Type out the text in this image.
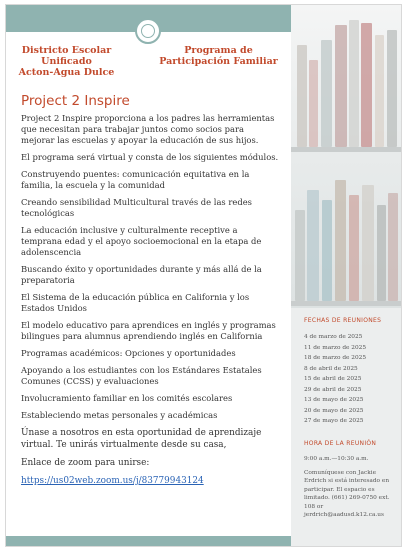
Districto Escolar
Unificado
Acton-Agua Dulce
Programa de
Participación Familiar
Project 2 Inspire

Project 2 Inspire proporciona a los padres las herramientas que necesitan para trabajar juntos como socios para mejorar las escuelas y apoyar la educación de sus hijos.

El programa será virtual y consta de los siguientes módulos.

Construyendo puentes: comunicación equitativa en la familia, la escuela y la comunidad

Creando sensibilidad Multicultural través de las redes tecnológicas

La educación inclusive y culturalmente receptive a temprana edad y el apoyo socioemocional en la etapa de adolenscencia

Buscando éxito y oportunidades durante y más allá de la preparatoria

El Sistema de la educación pública en California y los Estados Unidos

El modelo educativo para aprendices en inglés y programas bilingues para alumnus aprendiendo inglés en California

Programas académicos: Opciones y oportunidades

Apoyando a los estudiantes con los Estándares Estatales Comunes (CCSS) y evaluaciones

Involucramiento familiar en los comités escolares

Estableciendo metas personales y académicas

Únase a nosotros en esta oportunidad de aprendizaje virtual. Te unirás virtualmente desde su casa,

Enlace de zoom para unirse:

https://us02web.zoom.us/j/83779943124

FECHAS DE REUNIONES
4 de marzo de 2025
11 de marzo de 2025
18 de marzo de 2025
8 de abril de 2025
15 de abril de 2025
29 de abril de 2025
13 de mayo de 2025
20 de mayo de 2025
27 de mayo de 2025
HORA DE LA REUNIÓN
9:00 a.m.—10:30 a.m.
Comuníquese con Jackie Erdrich si está interesado en participar. El espacio es limitado. (661) 269-0750 ext. 108 or jerdrich@aadusd.k12.ca.us
